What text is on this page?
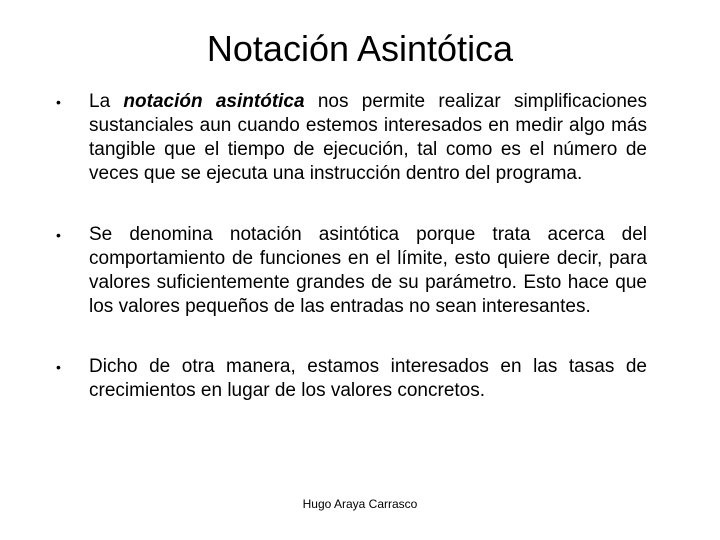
Notación Asintótica
•	La notación asintótica nos permite realizar simplificaciones sustanciales aun cuando estemos interesados en medir algo más tangible que el tiempo de ejecución, tal como es el número de veces que se ejecuta una instrucción dentro del programa.
•	Se denomina notación asintótica porque trata acerca del comportamiento de funciones en el límite, esto quiere decir, para valores suficientemente grandes de su parámetro. Esto hace que los valores pequeños de las entradas no sean interesantes.
•	Dicho de otra manera, estamos interesados en las tasas de crecimientos en lugar de los valores concretos.
Hugo Araya Carrasco
